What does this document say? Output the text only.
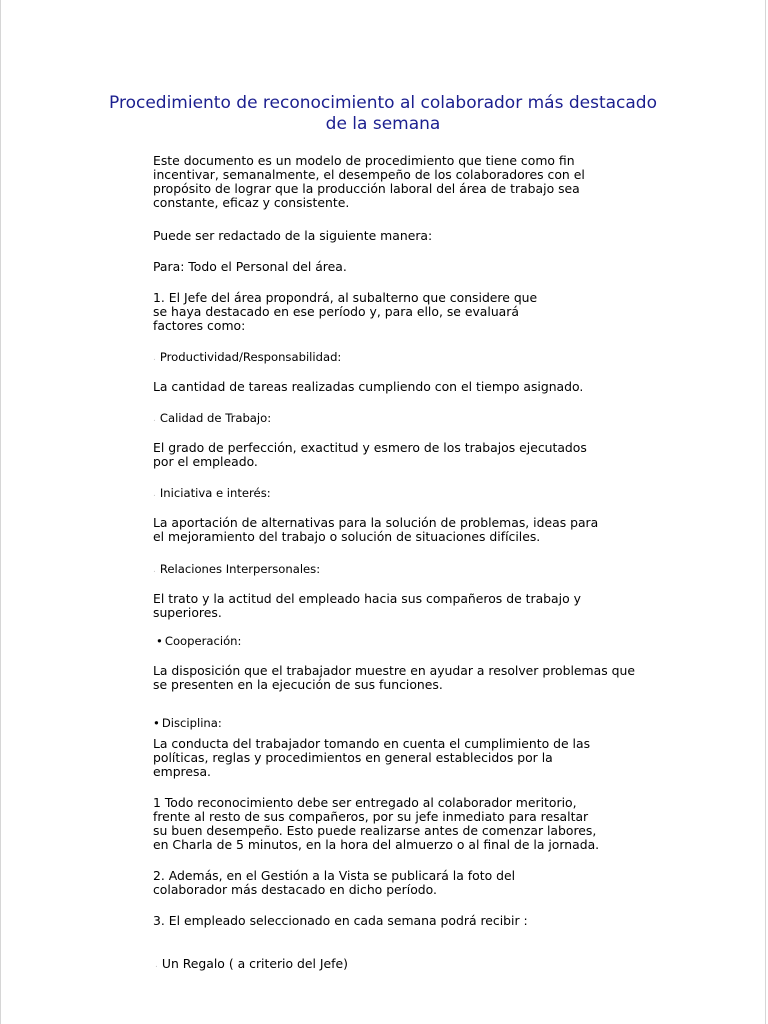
Procedimiento de reconocimiento al colaborador más destacado de la semana

Este documento es un modelo de procedimiento que tiene como fin
incentivar, semanalmente, el desempeño de los colaboradores con el
propósito de lograr que la producción laboral del área de trabajo sea
constante, eficaz y consistente.

Puede ser redactado de la siguiente manera:

Para: Todo el Personal del área.

1. El Jefe del área propondrá, al subalterno que considere que
se haya destacado en ese período y, para ello, se evaluará
factores como:

. Productividad/Responsabilidad:

La cantidad de tareas realizadas cumpliendo con el tiempo asignado.

. Calidad de Trabajo:

El grado de perfección, exactitud y esmero de los trabajos ejecutados
por el empleado.

. Iniciativa e interés:

La aportación de alternativas para la solución de problemas, ideas para
el mejoramiento del trabajo o solución de situaciones difíciles.

. Relaciones Interpersonales:

El trato y la actitud del empleado hacia sus compañeros de trabajo y
superiores.

• Cooperación:

La disposición que el trabajador muestre en ayudar a resolver problemas que
se presenten en la ejecución de sus funciones.

• Disciplina:

La conducta del trabajador tomando en cuenta el cumplimiento de las
políticas, reglas y procedimientos en general establecidos por la
empresa.

1 Todo reconocimiento debe ser entregado al colaborador meritorio,
frente al resto de sus compañeros, por su jefe inmediato para resaltar
su buen desempeño. Esto puede realizarse antes de comenzar labores,
en Charla de 5 minutos, en la hora del almuerzo o al final de la jornada.

2. Además, en el Gestión a la Vista se publicará la foto del
colaborador más destacado en dicho período.

3. El empleado seleccionado en cada semana podrá recibir :

. Un Regalo ( a criterio del Jefe)
